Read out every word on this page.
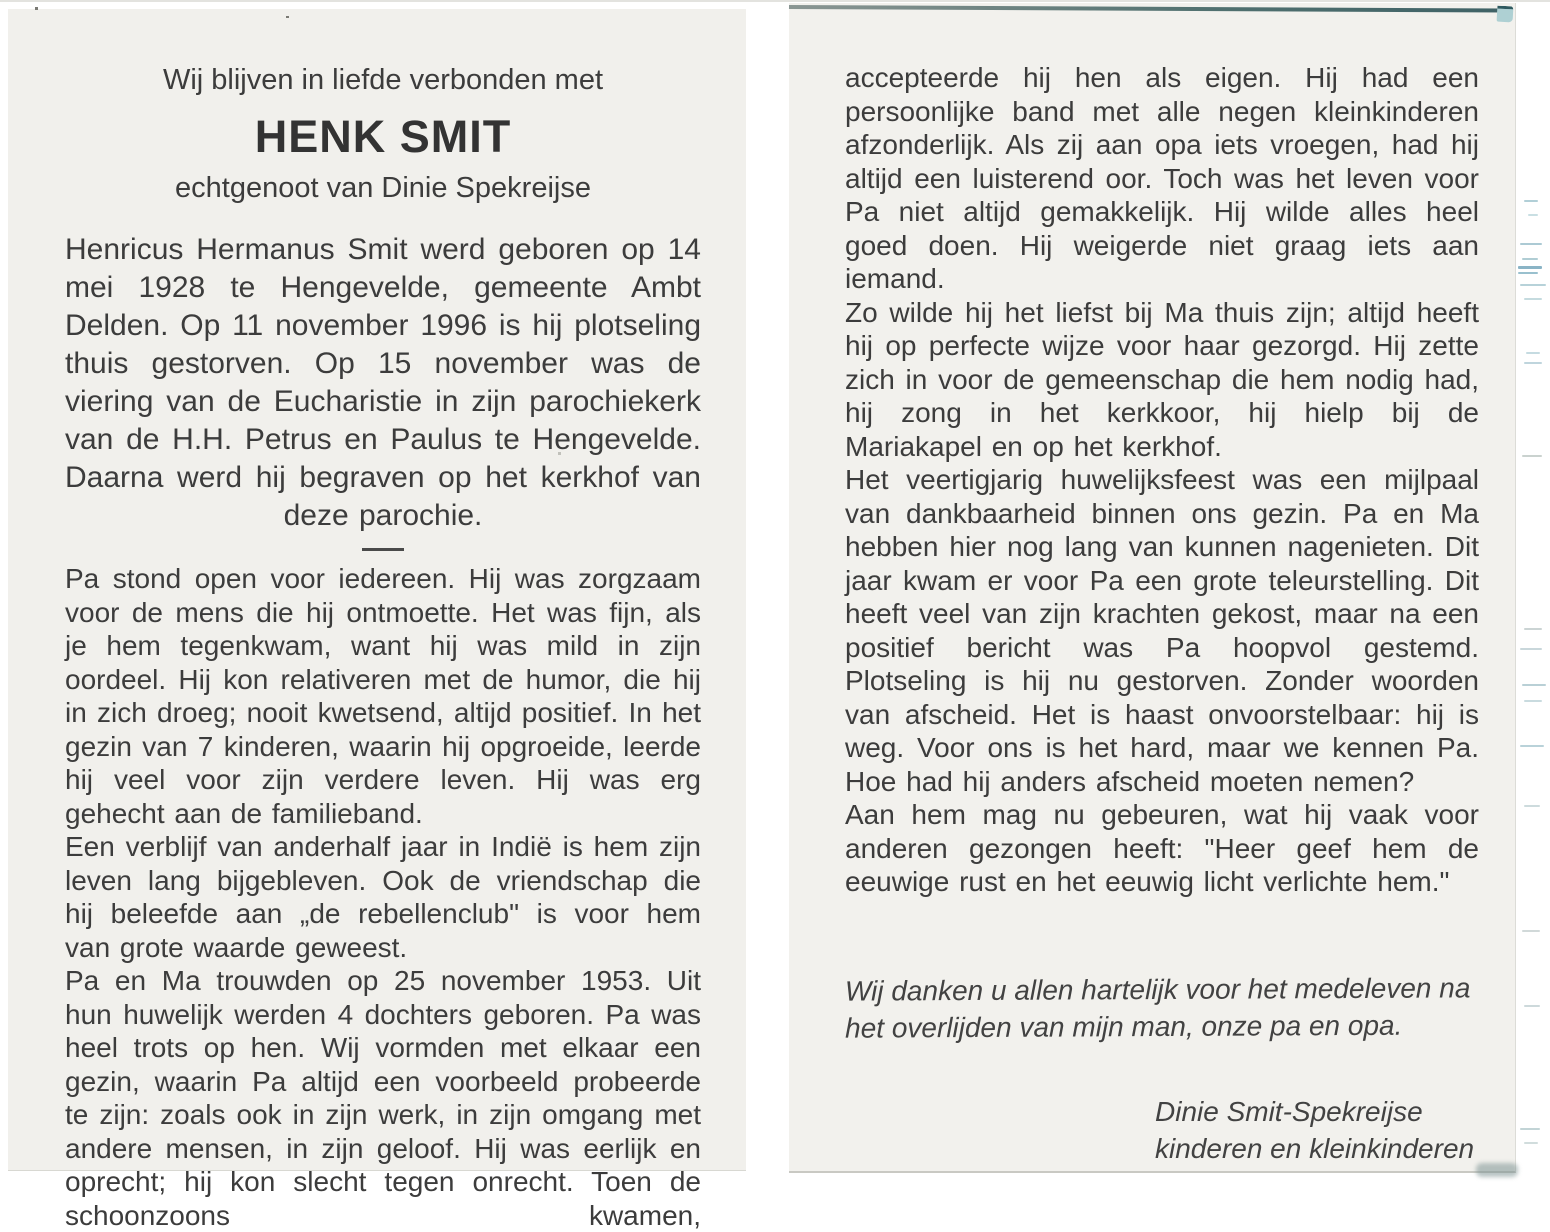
Wij blijven in liefde verbonden met
HENK SMIT
echtgenoot van Dinie Spekreijse

Henricus Hermanus Smit werd geboren op 14 mei 1928 te Hengevelde, gemeente Ambt Delden. Op 11 november 1996 is hij plotseling thuis gestorven. Op 15 november was de viering van de Eucharistie in zijn parochiekerk van de H.H. Petrus en Paulus te Hengevelde. Daarna werd hij begraven op het kerkhof van deze parochie.

Pa stond open voor iedereen. Hij was zorgzaam voor de mens die hij ontmoette. Het was fijn, als je hem tegenkwam, want hij was mild in zijn oordeel. Hij kon relativeren met de humor, die hij in zich droeg; nooit kwetsend, altijd positief. In het gezin van 7 kinderen, waarin hij opgroeide, leerde hij veel voor zijn verdere leven. Hij was erg gehecht aan de familieband.

Een verblijf van anderhalf jaar in Indië is hem zijn leven lang bijgebleven. Ook de vriendschap die hij beleefde aan „de rebellenclub" is voor hem van grote waarde geweest.

Pa en Ma trouwden op 25 november 1953. Uit hun huwelijk werden 4 dochters geboren. Pa was heel trots op hen. Wij vormden met elkaar een gezin, waarin Pa altijd een voorbeeld probeerde te zijn: zoals ook in zijn werk, in zijn omgang met andere mensen, in zijn geloof. Hij was eerlijk en oprecht; hij kon slecht tegen onrecht. Toen de schoonzoons kwamen,

accepteerde hij hen als eigen. Hij had een persoonlijke band met alle negen kleinkinderen afzonderlijk. Als zij aan opa iets vroegen, had hij altijd een luisterend oor. Toch was het leven voor Pa niet altijd gemakkelijk. Hij wilde alles heel goed doen. Hij weigerde niet graag iets aan iemand.

Zo wilde hij het liefst bij Ma thuis zijn; altijd heeft hij op perfecte wijze voor haar gezorgd. Hij zette zich in voor de gemeenschap die hem nodig had, hij zong in het kerkkoor, hij hielp bij de Mariakapel en op het kerkhof.

Het veertigjarig huwelijksfeest was een mijlpaal van dankbaarheid binnen ons gezin. Pa en Ma hebben hier nog lang van kunnen nagenieten. Dit jaar kwam er voor Pa een grote teleurstelling. Dit heeft veel van zijn krachten gekost, maar na een positief bericht was Pa hoopvol gestemd. Plotseling is hij nu gestorven. Zonder woorden van afscheid. Het is haast onvoorstelbaar: hij is weg. Voor ons is het hard, maar we kennen Pa. Hoe had hij anders afscheid moeten nemen?

Aan hem mag nu gebeuren, wat hij vaak voor anderen gezongen heeft: "Heer geef hem de eeuwige rust en het eeuwig licht verlichte hem."

Wij danken u allen hartelijk voor het medeleven na het overlijden van mijn man, onze pa en opa.

Dinie Smit-Spekreijse
kinderen en kleinkinderen
